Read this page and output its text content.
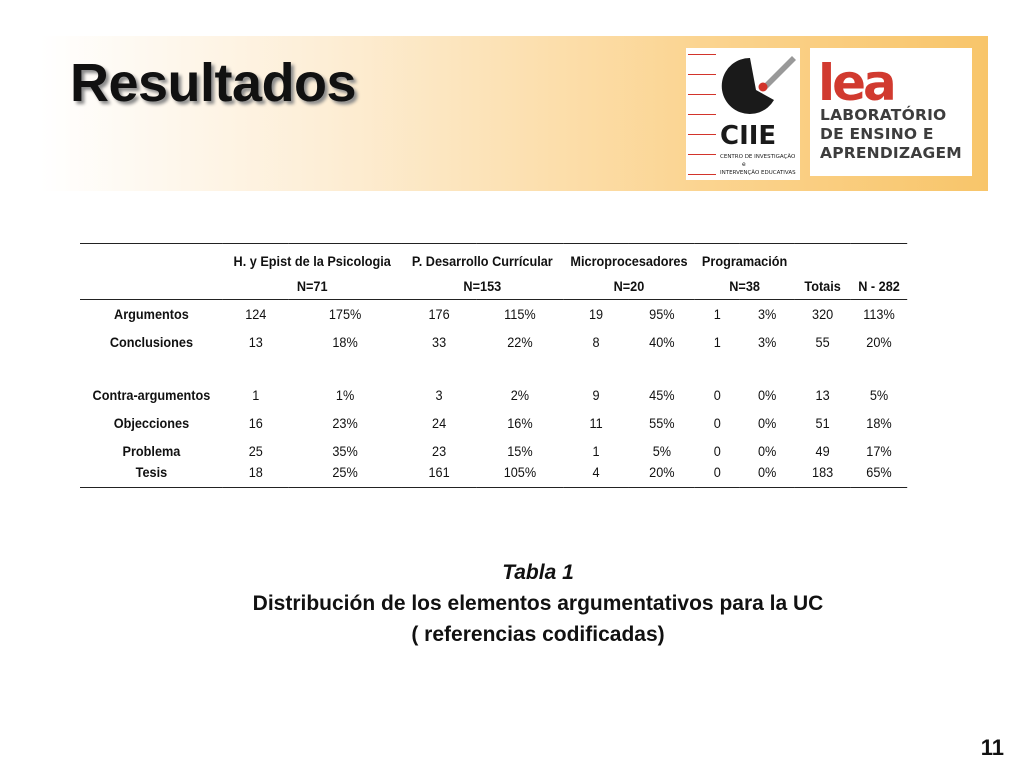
Resultados
CIIE
CENTRO DE INVESTIGAÇÃO
e
INTERVENÇÃO EDUCATIVAS
lea
LABORATÓRIO
DE ENSINO E
APRENDIZAGEM
	H. y Epist de la Psicologia		P. Desarrollo Currícular		Microprocesadores		Programación			
	N=71		N=153		N=20		N=38		Totais	N - 282
Argumentos	124	175%	176	115%	19	95%	1	3%	320	113%
Conclusiones	13	18%	33	22%	8	40%	1	3%	55	20%

Contra-argumentos	1	1%	3	2%	9	45%	0	0%	13	5%
Objecciones	16	23%	24	16%	11	55%	0	0%	51	18%
Problema	25	35%	23	15%	1	5%	0	0%	49	17%
Tesis	18	25%	161	105%	4	20%	0	0%	183	65%
Tabla 1
Distribución de los elementos argumentativos para la UC
( referencias codificadas)
11
